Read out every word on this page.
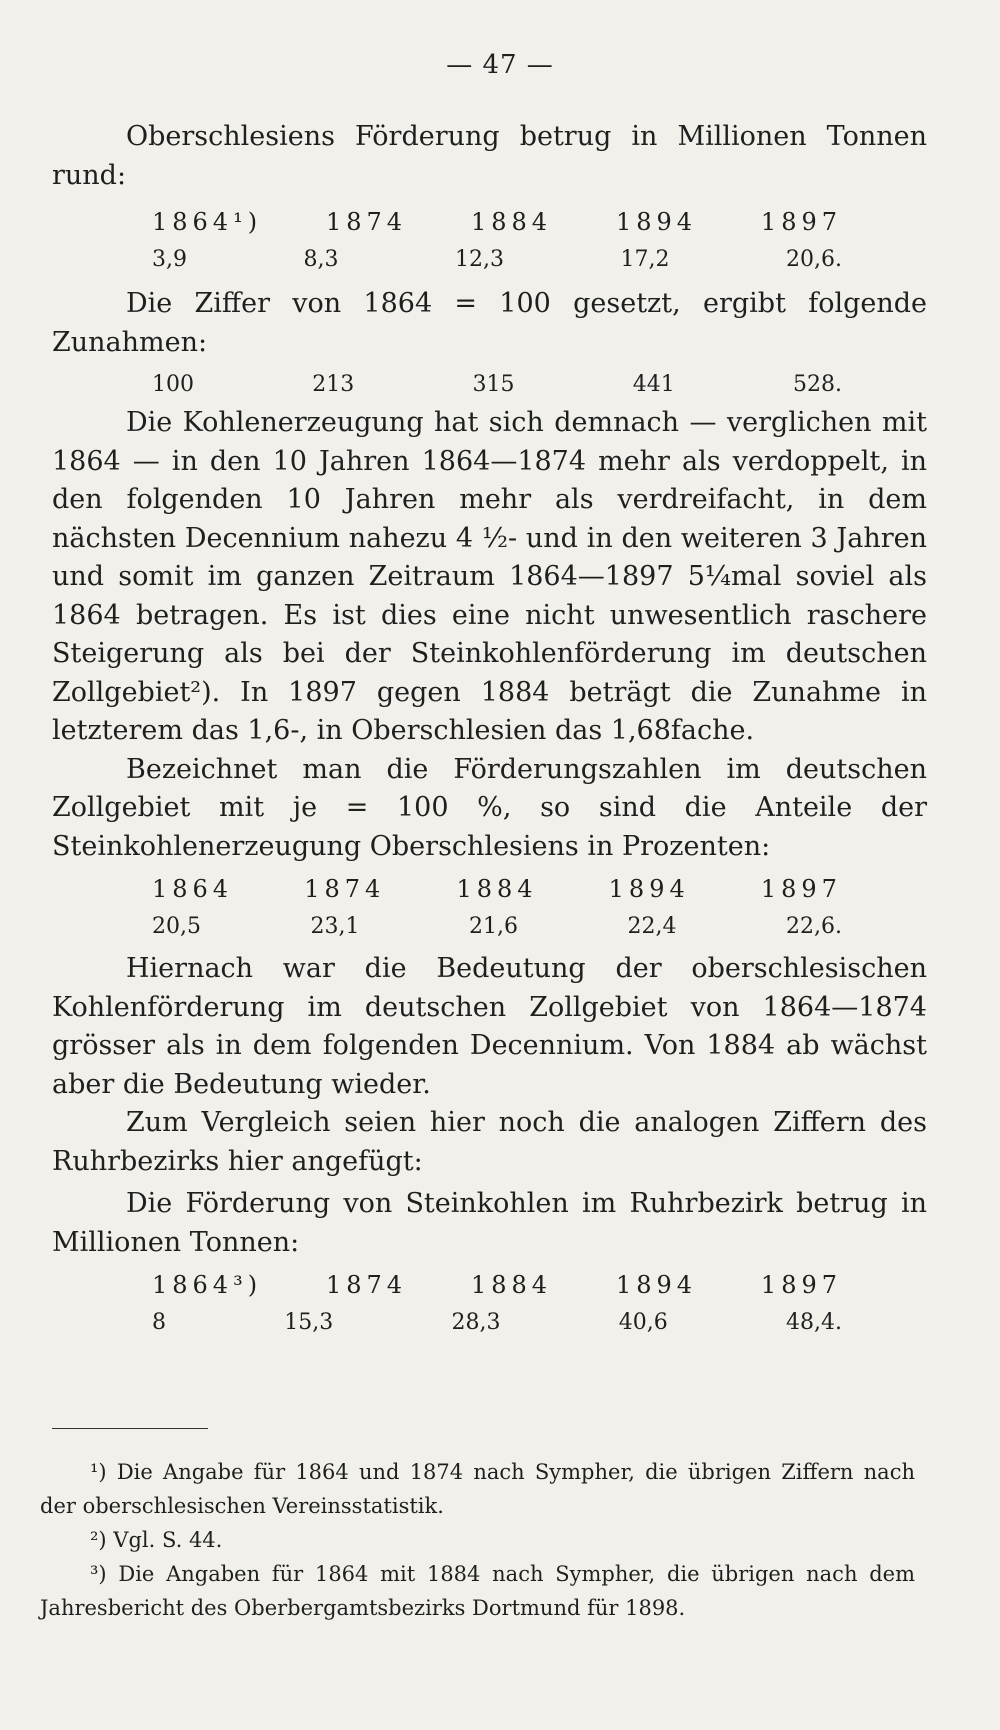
— 47 —

Oberschlesiens Förderung betrug in Millionen Tonnen rund:

1864¹)	1874	1884	1894	1897
3,9	8,3	12,3	17,2	20,6.

Die Ziffer von 1864 = 100 gesetzt, ergibt folgende Zunahmen:

100	213	315	441	528.

Die Kohlenerzeugung hat sich demnach — verglichen mit 1864 — in den 10 Jahren 1864—1874 mehr als verdoppelt, in den folgenden 10 Jahren mehr als verdreifacht, in dem nächsten Decennium nahezu 4 ½- und in den weiteren 3 Jahren und somit im ganzen Zeitraum 1864—1897 5¼mal soviel als 1864 betragen. Es ist dies eine nicht unwesentlich raschere Steigerung als bei der Steinkohlenförderung im deutschen Zollgebiet²). In 1897 gegen 1884 beträgt die Zunahme in letzterem das 1,6-, in Oberschlesien das 1,68fache.

Bezeichnet man die Förderungszahlen im deutschen Zollgebiet mit je = 100 %, so sind die Anteile der Steinkohlenerzeugung Oberschlesiens in Prozenten:

1864	1874	1884	1894	1897
20,5	23,1	21,6	22,4	22,6.

Hiernach war die Bedeutung der oberschlesischen Kohlenförderung im deutschen Zollgebiet von 1864—1874 grösser als in dem folgenden Decennium. Von 1884 ab wächst aber die Bedeutung wieder.

Zum Vergleich seien hier noch die analogen Ziffern des Ruhrbezirks hier angefügt:

Die Förderung von Steinkohlen im Ruhrbezirk betrug in Millionen Tonnen:

1864³)	1874	1884	1894	1897
8	15,3	28,3	40,6	48,4.

¹) Die Angabe für 1864 und 1874 nach Sympher, die übrigen Ziffern nach der oberschlesischen Vereinsstatistik.

²) Vgl. S. 44.

³) Die Angaben für 1864 mit 1884 nach Sympher, die übrigen nach dem Jahresbericht des Oberbergamtsbezirks Dortmund für 1898.
